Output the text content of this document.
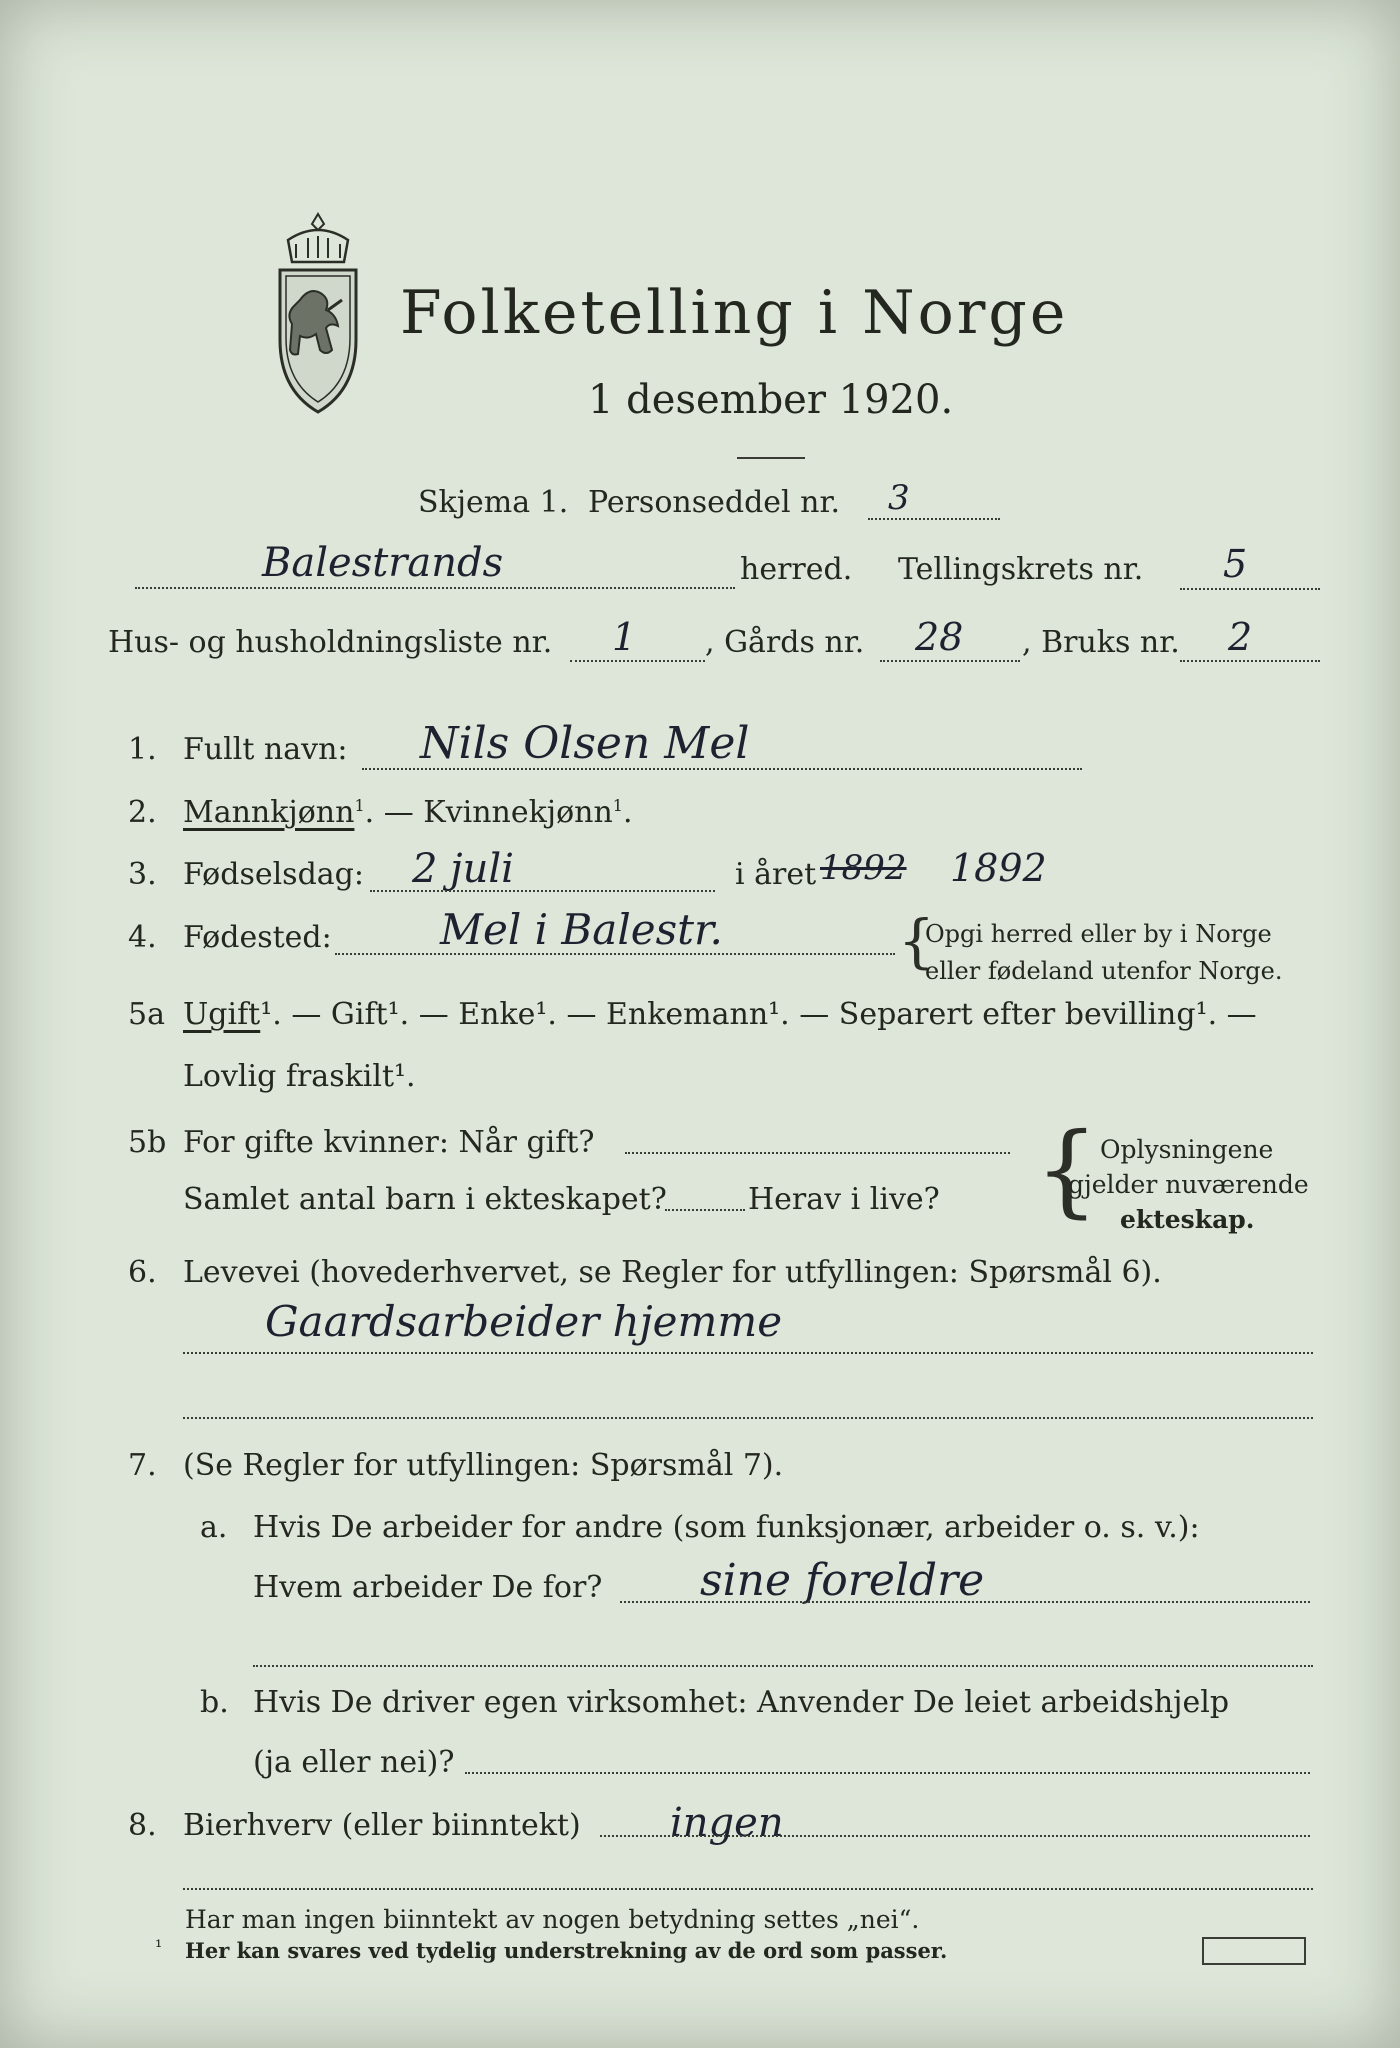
Folketelling i Norge
1 desember 1920.
Skjema 1. Personseddel nr. 3
Balestrands	herred. Tellingskrets nr. 5
Hus- og husholdningsliste nr. 1 , Gårds nr. 28 , Bruks nr. 2
1. Fullt navn: Nils Olsen Mel
2. Mannkjønn$^1$. — Kvinnekjønn$^1$.
3. Fødselsdag: 2 juli	i året 1892 1892
4. Fødested:	Mel i Balestr.	{
Opgi herred eller by i Norge
eller fødeland utenfor Norge.
5a Ugift¹. — Gift¹. — Enke¹. — Enkemann¹. — Separert efter bevilling¹. —
Lovlig fraskilt¹.
5b For gifte kvinner: Når gift?
Samlet antal barn i ekteskapet?	Herav i live? { Oplysningene
gjelder nuværende
ekteskap.
6. Levevei (hovederhvervet, se Regler for utfyllingen: Spørsmål 6).
Gaardsarbeider hjemme
7. (Se Regler for utfyllingen: Spørsmål 7).
a. Hvis De arbeider for andre (som funksjonær, arbeider o. s. v.):
Hvem arbeider De for? sine foreldre
b. Hvis De driver egen virksomhet: Anvender De leiet arbeidshjelp
(ja eller nei)?
8. Bierhverv (eller biinntekt) ingen
Har man ingen biinntekt av nogen betydning settes „nei“.
¹ Her kan svares ved tydelig understrekning av de ord som passer.
